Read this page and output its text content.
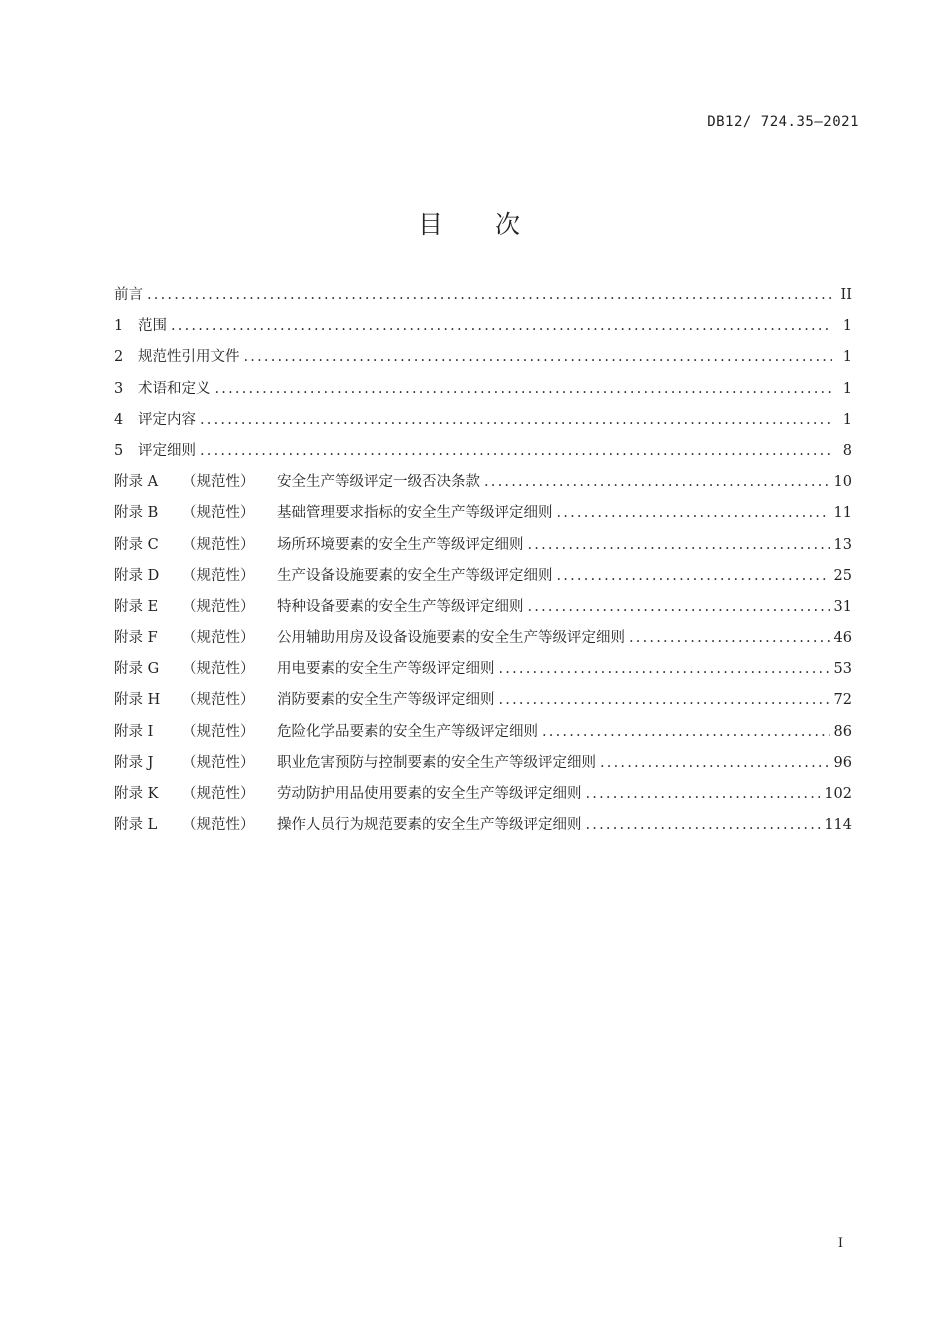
DB12/ 724.35—2021
目 次
前言 .....	II
1	范围 .....	1
2	规范性引用文件 .....	1
3	术语和定义 .....	1
4	评定内容 .....	1
5	评定细则 .....	8
附录 A	（规范性）	安全生产等级评定一级否决条款 .....	10
附录 B	（规范性）	基础管理要求指标的安全生产等级评定细则 .....	11
附录 C	（规范性）	场所环境要素的安全生产等级评定细则 .....	13
附录 D	（规范性）	生产设备设施要素的安全生产等级评定细则 .....	25
附录 E	（规范性）	特种设备要素的安全生产等级评定细则 .....	31
附录 F	（规范性）	公用辅助用房及设备设施要素的安全生产等级评定细则 .....	46
附录 G	（规范性）	用电要素的安全生产等级评定细则 .....	53
附录 H	（规范性）	消防要素的安全生产等级评定细则 .....	72
附录 I	（规范性）	危险化学品要素的安全生产等级评定细则 .....	86
附录 J	（规范性）	职业危害预防与控制要素的安全生产等级评定细则 .....	96
附录 K	（规范性）	劳动防护用品使用要素的安全生产等级评定细则 .....	102
附录 L	（规范性）	操作人员行为规范要素的安全生产等级评定细则 .....	114
I
